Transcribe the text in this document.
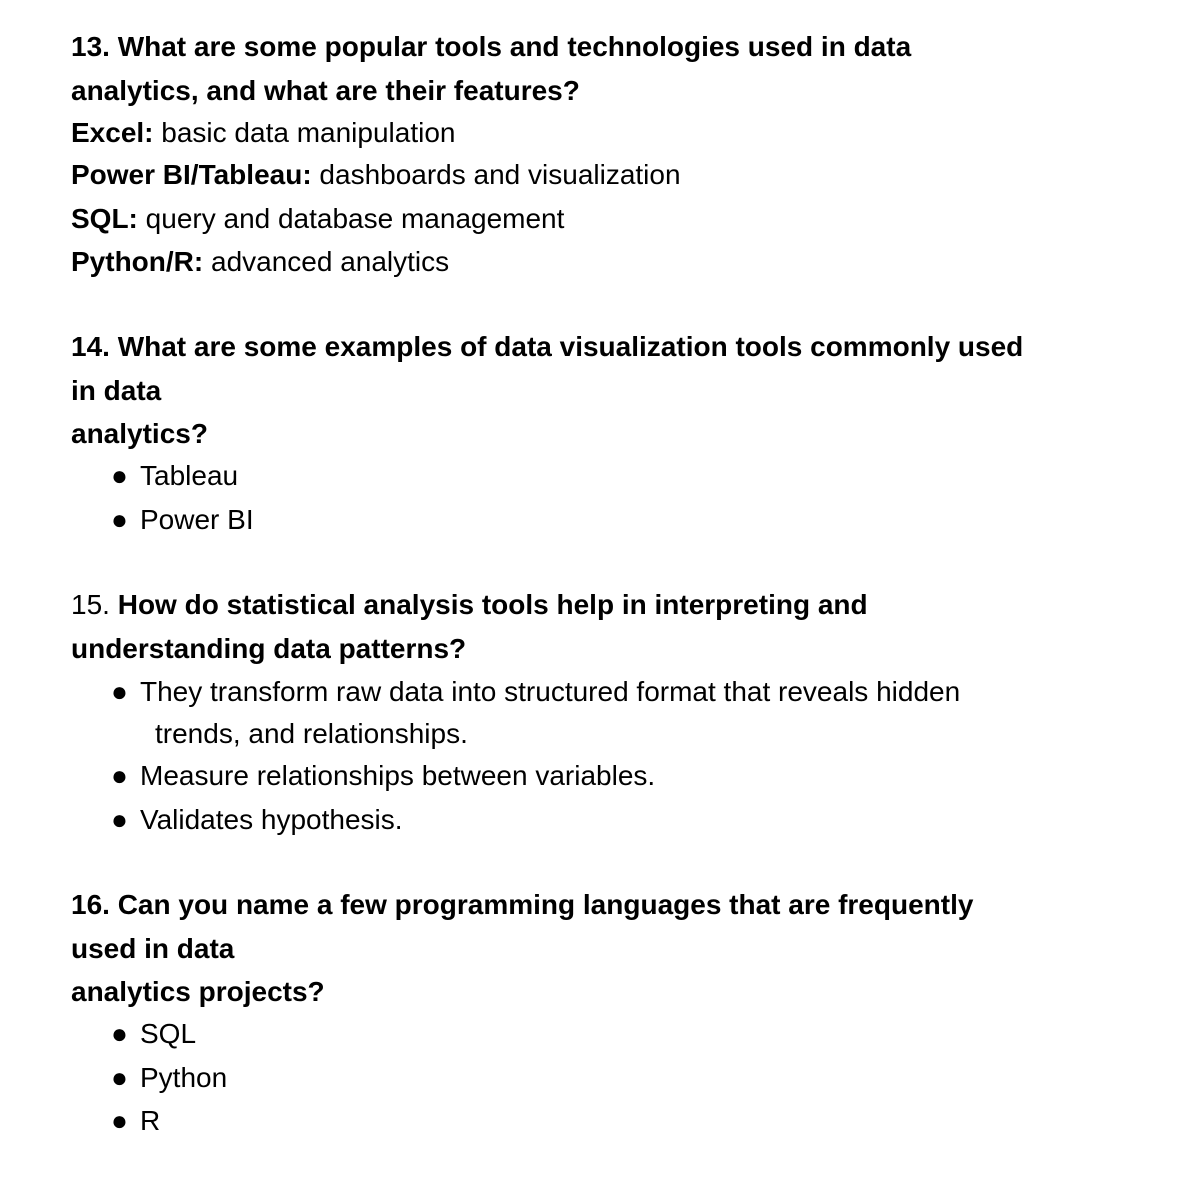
13. What are some popular tools and technologies used in data
analytics, and what are their features?
Excel: basic data manipulation
Power BI/Tableau: dashboards and visualization
SQL: query and database management
Python/R: advanced analytics
14. What are some examples of data visualization tools commonly used
in data
analytics?
● Tableau
● Power BI
15. How do statistical analysis tools help in interpreting and
understanding data patterns?
● They transform raw data into structured format that reveals hidden
trends, and relationships.
● Measure relationships between variables.
● Validates hypothesis.
16. Can you name a few programming languages that are frequently
used in data
analytics projects?
● SQL
● Python
● R
